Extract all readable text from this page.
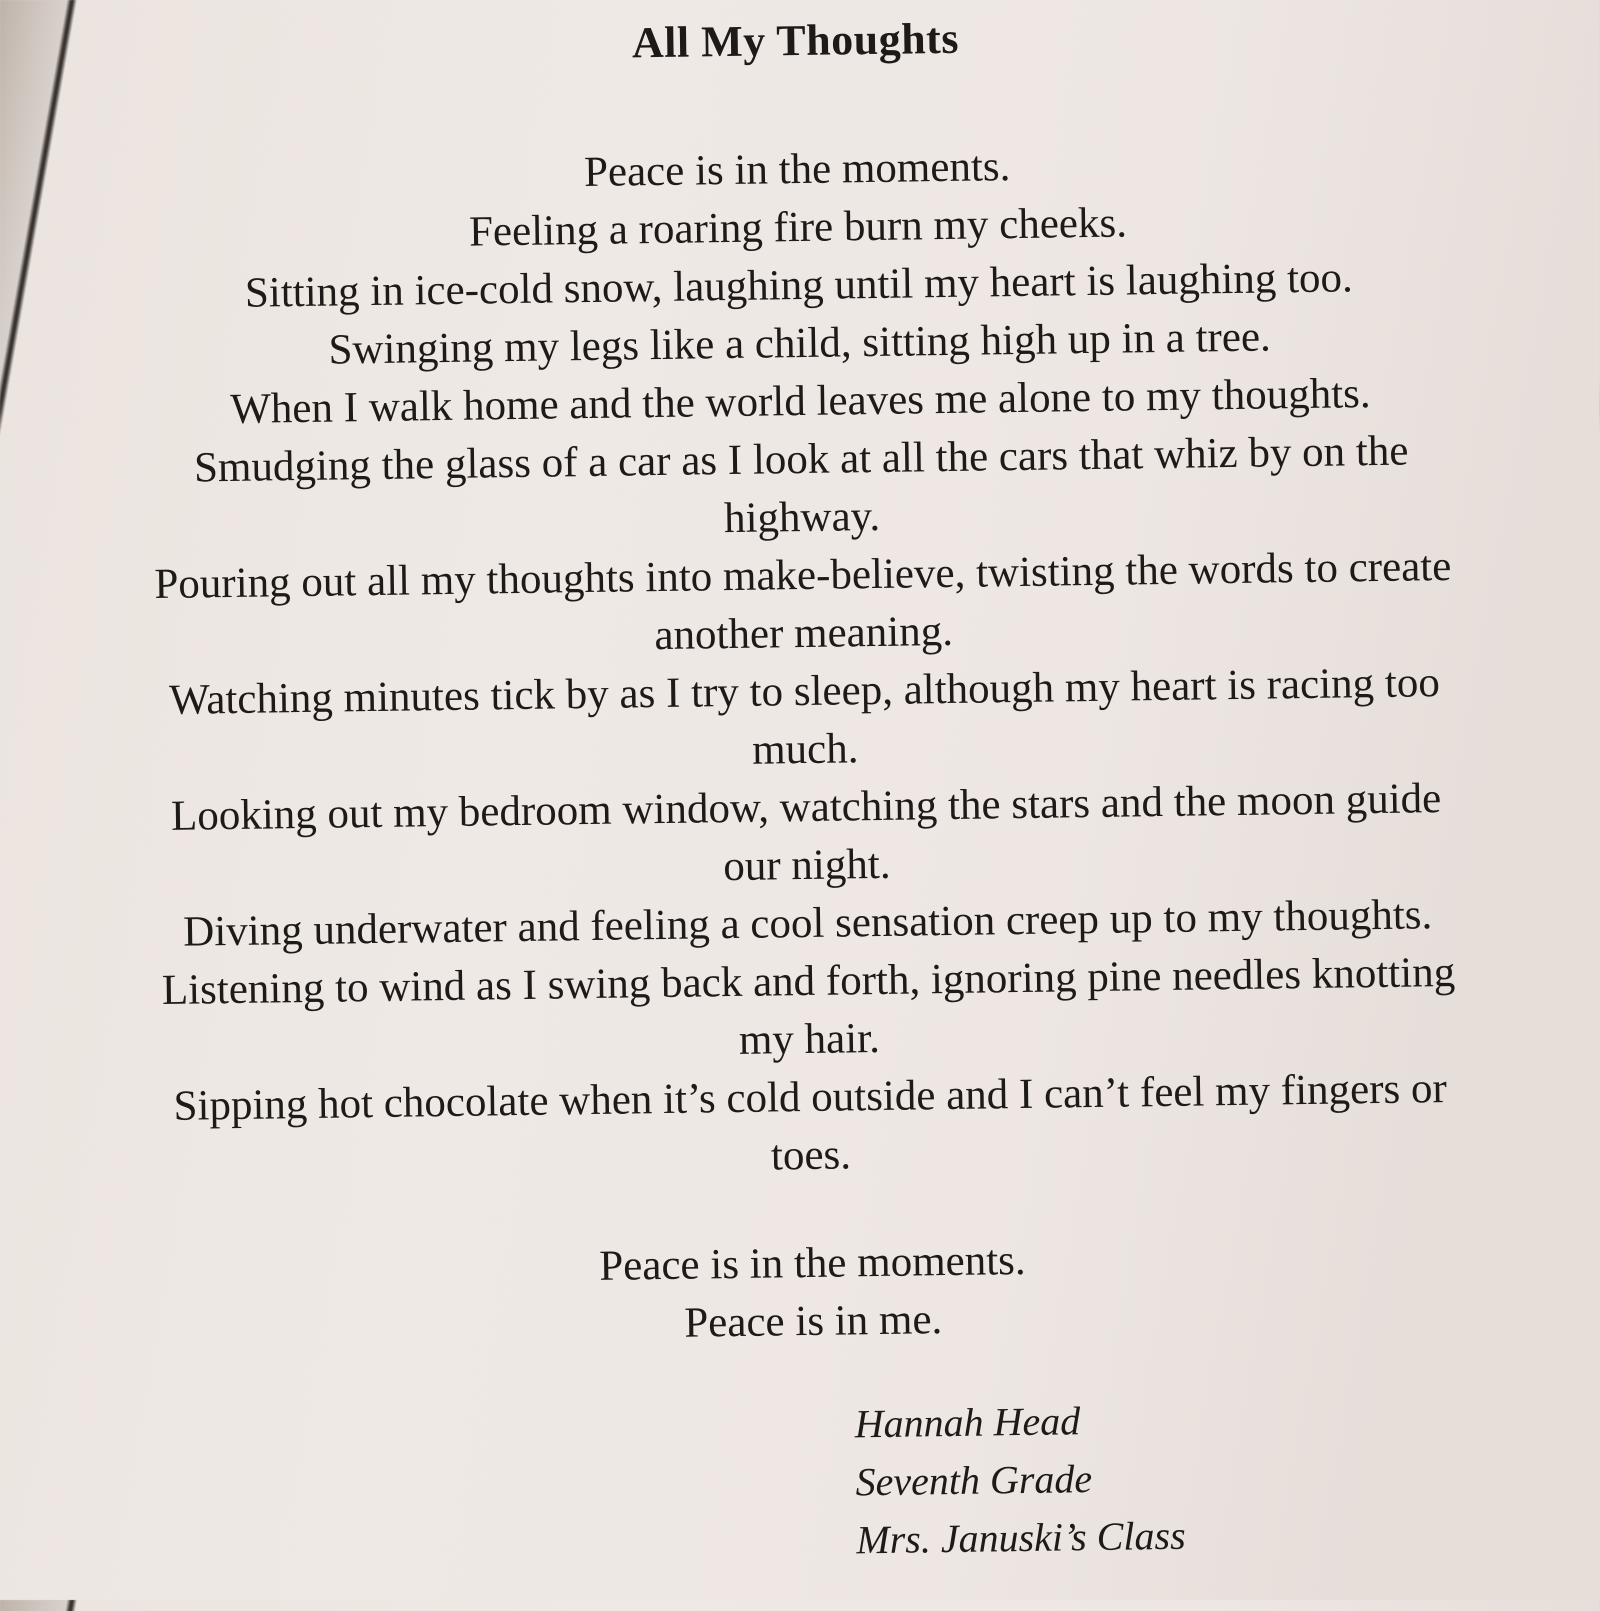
All My Thoughts
Peace is in the moments.
Feeling a roaring fire burn my cheeks.
Sitting in ice-cold snow, laughing until my heart is laughing too.
Swinging my legs like a child, sitting high up in a tree.
When I walk home and the world leaves me alone to my thoughts.
Smudging the glass of a car as I look at all the cars that whiz by on the
highway.
Pouring out all my thoughts into make-believe, twisting the words to create
another meaning.
Watching minutes tick by as I try to sleep, although my heart is racing too
much.
Looking out my bedroom window, watching the stars and the moon guide
our night.
Diving underwater and feeling a cool sensation creep up to my thoughts.
Listening to wind as I swing back and forth, ignoring pine needles knotting
my hair.
Sipping hot chocolate when it’s cold outside and I can’t feel my fingers or
toes.
Peace is in the moments.
Peace is in me.
Hannah Head
Seventh Grade
Mrs. Januski’s Class
